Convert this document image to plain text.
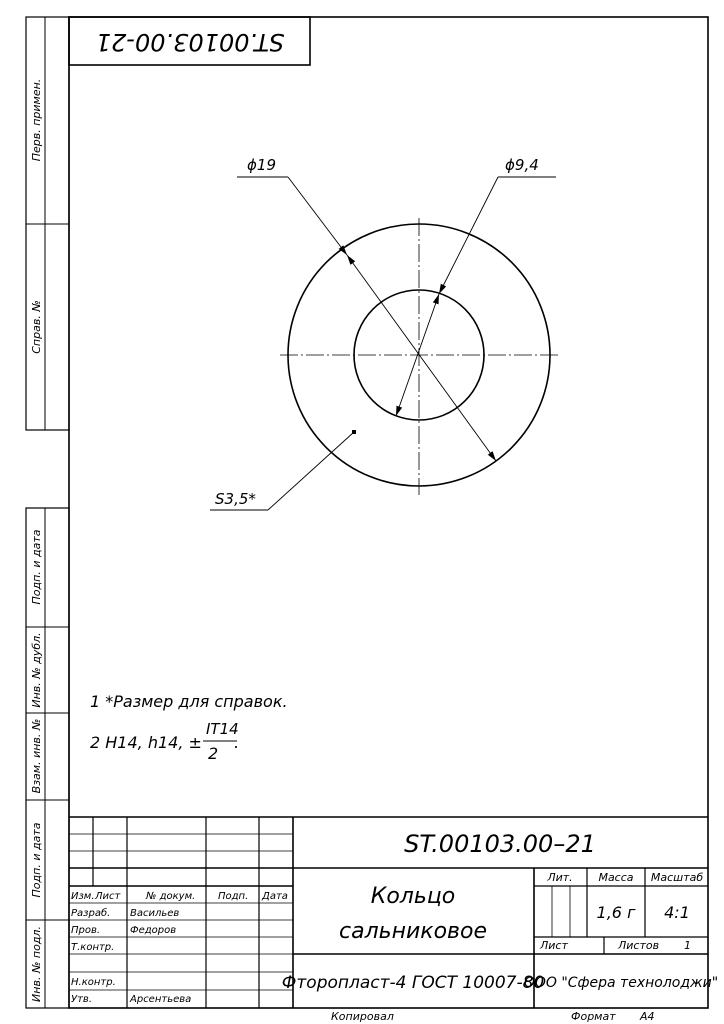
ST.00103.00-21
Перв. примен.
Справ. №
Подп. и дата
Инв. № дубл.
Взам. инв. №
Подп. и дата
Инв. № подл.
ϕ19	ϕ9,4
S3,5*
1 *Размер для справок.
2 H14, h14, ±
IT14
2
.
ST.00103.00–21
Кольцо
сальниковое
Фторопласт-4 ГОСТ 10007-80
ООО "Сфера технолоджи"
Изм. Лист	№ докум. Подп. Дата
Разраб. Васильев
Пров.	Федоров
Т.контр.
Н.контр.
Утв.	Арсентьева
Лит. Масса Масштаб
1,6 г 4:1
Лист	Листов 1
Копировал	Формат А4
